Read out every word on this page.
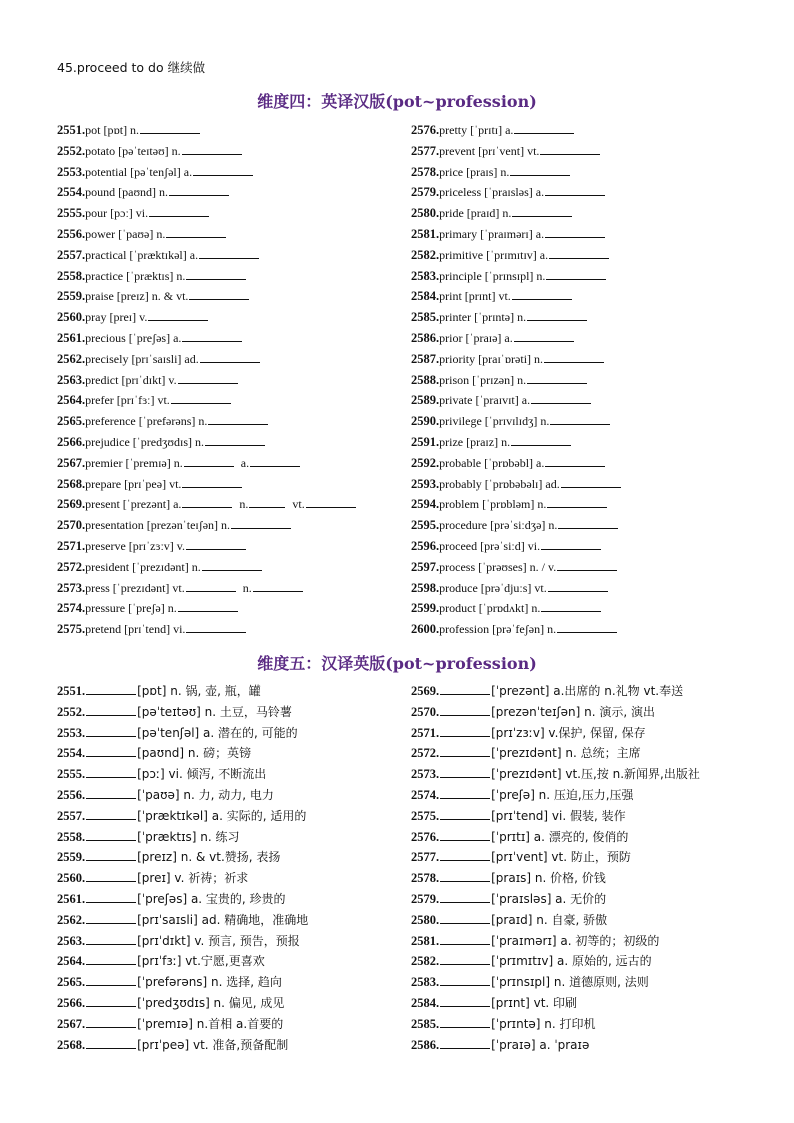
45.proceed to do 继续做
维度四：英译汉版(pot~profession)
2551.pot [pɒt] n.
2552.potato [pəˈteɪtəʊ] n.
2553.potential [pəˈtenʃəl] a.
2554.pound [paʊnd] n.
2555.pour [pɔː] vi.
2556.power [ˈpaʊə] n.
2557.practical [ˈpræktɪkəl] a.
2558.practice [ˈpræktɪs] n.
2559.praise [preɪz] n. & vt.
2560.pray [preɪ] v.
2561.precious [ˈpreʃəs] a.
2562.precisely [prɪˈsaɪsli] ad.
2563.predict [prɪˈdɪkt] v.
2564.prefer [prɪˈfɜː] vt.
2565.preference [ˈprefərəns] n.
2566.prejudice [ˈpredʒʊdɪs] n.
2567.premier [ˈpremɪə] n.	a.
2568.prepare [prɪˈpeə] vt.
2569.present [ˈprezənt] a.	n.	vt.
2570.presentation [prezənˈteɪʃən] n.
2571.preserve [prɪˈzɜːv] v.
2572.president [ˈprezɪdənt] n.
2573.press [ˈprezɪdənt] vt.	n.
2574.pressure [ˈpreʃə] n.
2575.pretend [prɪˈtend] vi.
2576.pretty [ˈprɪtɪ] a.
2577.prevent [prɪˈvent] vt.
2578.price [praɪs] n.
2579.priceless [ˈpraɪsləs] a.
2580.pride [praɪd] n.
2581.primary [ˈpraɪmərɪ] a.
2582.primitive [ˈprɪmɪtɪv] a.
2583.principle [ˈprɪnsɪpl] n.
2584.print [prɪnt] vt.
2585.printer [ˈprɪntə] n.
2586.prior [ˈpraɪə] a.
2587.priority [praɪˈɒrəti] n.
2588.prison [ˈprɪzən] n.
2589.private [ˈpraɪvɪt] a.
2590.privilege [ˈprɪvɪlɪdʒ] n.
2591.prize [praɪz] n.
2592.probable [ˈprɒbəbl] a.
2593.probably [ˈprɒbəbəlɪ] ad.
2594.problem [ˈprɒbləm] n.
2595.procedure [prəˈsiːdʒə] n.
2596.proceed [prəˈsiːd] vi.
2597.process [ˈprəʊses] n. / v.
2598.produce [prəˈdjuːs] vt.
2599.product [ˈprɒdʌkt] n.
2600.profession [prəˈfeʃən] n.
维度五：汉译英版(pot~profession)
2551.	[pɒt] n. 锅, 壶, 瓶，罐
2552.	[pəˈteɪtəʊ] n. 土豆，马铃薯
2553.	[pəˈtenʃəl] a. 潜在的, 可能的
2554.	[paʊnd] n. 磅；英镑
2555.	[pɔː] vi. 倾泻, 不断流出
2556.	[ˈpaʊə] n. 力, 动力, 电力
2557.	[ˈpræktɪkəl] a. 实际的, 适用的
2558.	[ˈpræktɪs] n. 练习
2559.	[preɪz] n. & vt.赞扬, 表扬
2560.	[preɪ] v. 祈祷；祈求
2561.	[ˈpreʃəs] a. 宝贵的, 珍贵的
2562.	[prɪˈsaɪsli] ad. 精确地，准确地
2563.	[prɪˈdɪkt] v. 预言, 预告，预报
2564.	[prɪˈfɜː] vt.宁愿,更喜欢
2565.	[ˈprefərəns] n. 选择, 趋向
2566.	[ˈpredʒʊdɪs] n. 偏见, 成见
2567.	[ˈpremɪə] n.首相 a.首要的
2568.	[prɪˈpeə] vt. 准备,预备配制
2569.	[ˈprezənt] a.出席的 n.礼物 vt.奉送
2570.	[prezənˈteɪʃən] n. 演示, 演出
2571.	[prɪˈzɜːv] v.保护, 保留, 保存
2572.	[ˈprezɪdənt] n. 总统；主席
2573.	[ˈprezɪdənt] vt.压,按 n.新闻界,出版社
2574.	[ˈpreʃə] n. 压迫,压力,压强
2575.	[prɪˈtend] vi. 假装, 装作
2576.	[ˈprɪtɪ] a. 漂亮的, 俊俏的
2577.	[prɪˈvent] vt. 防止，预防
2578.	[praɪs] n. 价格, 价钱
2579.	[ˈpraɪsləs] a. 无价的
2580.	[praɪd] n. 自豪, 骄傲
2581.	[ˈpraɪmərɪ] a. 初等的；初级的
2582.	[ˈprɪmɪtɪv] a. 原始的, 远古的
2583.	[ˈprɪnsɪpl] n. 道德原则, 法则
2584.	[prɪnt] vt. 印刷
2585.	[ˈprɪntə] n. 打印机
2586.	[ˈpraɪə] a. ˈpraɪə
